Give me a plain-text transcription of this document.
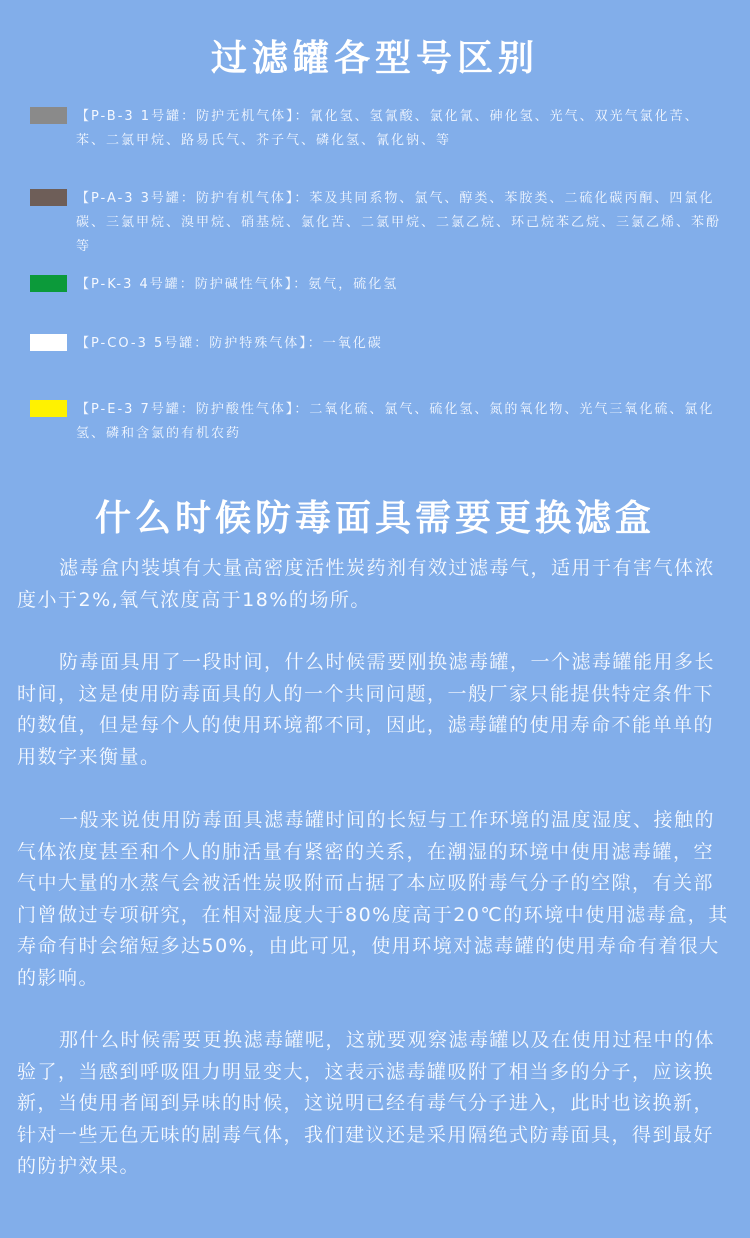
过滤罐各型号区别
【P-B-3 1号罐：防护无机气体】：氰化氢、氢氰酸、氯化氰、砷化氢、光气、双光气氯化苦、苯、二氯甲烷、路易氏气、芥子气、磷化氢、氰化钠、等
【P-A-3 3号罐：防护有机气体】：苯及其同系物、氯气、醇类、苯胺类、二硫化碳丙酮、四氯化碳、三氯甲烷、溴甲烷、硝基烷、氯化苦、二氯甲烷、二氯乙烷、环己烷苯乙烷、三氯乙烯、苯酚等
【P-K-3 4号罐：防护碱性气体】：氨气，硫化氢
【P-CO-3 5号罐：防护特殊气体】：一氧化碳
【P-E-3 7号罐：防护酸性气体】：二氧化硫、氯气、硫化氢、氮的氧化物、光气三氧化硫、氯化氢、磷和含氯的有机农药
什么时候防毒面具需要更换滤盒
滤毒盒内装填有大量高密度活性炭药剂有效过滤毒气，适用于有害气体浓度小于2%,氧气浓度高于18%的场所。
防毒面具用了一段时间，什么时候需要刚换滤毒罐，一个滤毒罐能用多长时间，这是使用防毒面具的人的一个共同问题，一般厂家只能提供特定条件下的数值，但是每个人的使用环境都不同，因此，滤毒罐的使用寿命不能单单的用数字来衡量。
一般来说使用防毒面具滤毒罐时间的长短与工作环境的温度湿度、接触的气体浓度甚至和个人的肺活量有紧密的关系，在潮湿的环境中使用滤毒罐，空气中大量的水蒸气会被活性炭吸附而占据了本应吸附毒气分子的空隙，有关部门曾做过专项研究，在相对湿度大于80%度高于20℃的环境中使用滤毒盒，其寿命有时会缩短多达50%，由此可见，使用环境对滤毒罐的使用寿命有着很大的影响。
那什么时候需要更换滤毒罐呢，这就要观察滤毒罐以及在使用过程中的体验了，当感到呼吸阻力明显变大，这表示滤毒罐吸附了相当多的分子，应该换新，当使用者闻到异味的时候，这说明已经有毒气分子进入，此时也该换新，针对一些无色无味的剧毒气体，我们建议还是采用隔绝式防毒面具，得到最好的防护效果。
